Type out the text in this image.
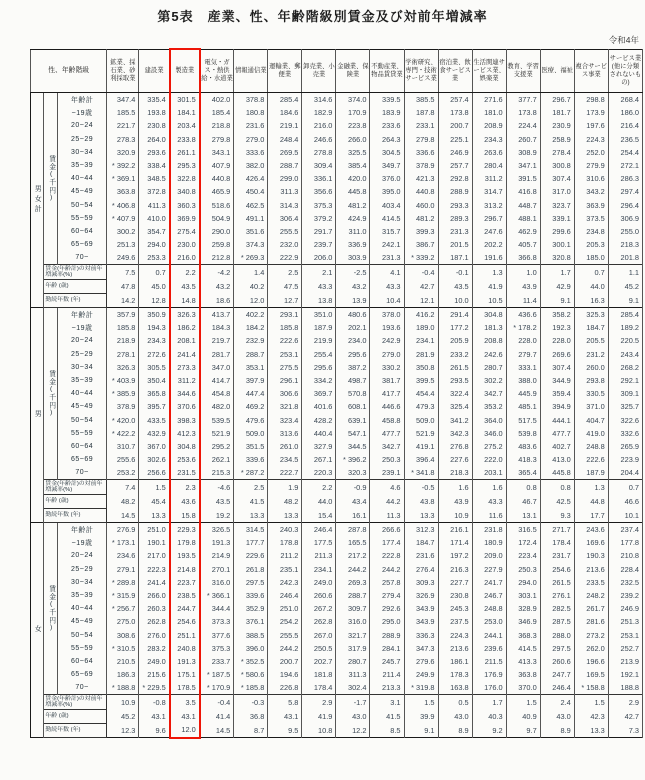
第5表　産業、性、年齢階級別賃金及び対前年増減率
令和4年
性、年齢階級			鉱業、採石業、砂利採取業	建設業	製造業	電気・ガス・熱供給・水道業	情報通信業	運輸業、郵便業	卸売業、小売業	金融業、保険業	不動産業、物品賃貸業	学術研究、専門・技術サービス業	宿泊業、飲食サービス業	生活関連サービス業、娯楽業	教育、学習支援業	医療、福祉	複合サービス事業	サービス業(他に分類されないもの)
男女計	賃金(千円)	年齢計	347.4	335.4	301.5	402.0	378.8	285.4	314.6	374.0	339.5	385.5	257.4	271.6	377.7	296.7	298.8	268.4
		~19歳	185.5	193.8	184.1	185.4	180.8	184.6	182.9	170.9	183.9	187.8	173.8	181.0	173.8	181.7	173.9	186.0
		20~24	221.7	230.8	203.4	218.8	231.6	219.1	216.0	223.8	233.6	233.1	200.7	208.9	224.4	230.9	197.6	216.4
		25~29	278.3	264.0	233.8	279.8	279.0	248.4	246.6	266.0	264.3	279.8	225.1	234.3	260.7	258.9	224.3	236.5
		30~34	320.9	293.6	261.1	343.1	333.6	269.5	278.8	325.5	304.5	336.6	246.9	263.6	308.9	278.4	252.0	254.4
		35~39	* 392.2	338.4	295.3	407.9	382.0	288.7	309.4	385.4	349.7	378.9	257.7	280.4	347.1	300.8	279.9	272.1
		40~44	* 369.1	348.5	322.8	440.8	426.4	299.0	336.1	420.0	376.0	421.3	292.8	311.2	391.5	307.4	310.6	286.3
		45~49	363.8	372.8	340.8	465.9	450.4	311.3	356.6	445.8	395.0	440.8	288.9	314.7	416.8	317.0	343.2	297.4
		50~54	* 406.8	411.3	360.3	518.6	462.5	314.3	375.3	481.2	403.4	460.0	293.3	313.2	448.7	323.7	363.9	296.4
		55~59	* 407.9	410.0	369.9	504.9	491.1	306.4	379.2	424.9	414.5	481.2	289.3	296.7	488.1	339.1	373.5	306.9
		60~64	300.2	354.7	275.4	290.0	351.6	255.5	291.7	311.0	315.7	399.3	231.3	247.6	462.9	299.6	234.8	255.0
		65~69	251.3	294.0	230.0	259.8	374.3	232.0	239.7	336.9	242.1	386.7	201.5	202.2	405.7	300.1	205.3	218.3
		70~	249.6	253.3	216.0	212.8	* 269.3	222.9	206.0	303.9	231.3	* 339.2	187.1	191.6	366.8	320.8	185.0	201.8
	賃金(年齢計)の対前年増減率(%)		7.5	0.7	2.2	-4.2	1.4	2.5	2.1	-2.5	4.1	-0.4	-0.1	1.3	1.0	1.7	0.7	1.1
	年齢 (歳)		47.8	45.0	43.5	43.2	40.2	47.5	43.3	43.2	43.3	42.7	43.5	41.9	43.9	42.9	44.0	45.2
	勤続年数 (年)		14.2	12.8	14.8	18.6	12.0	12.7	13.8	13.9	10.4	12.1	10.0	10.5	11.4	9.1	16.3	9.1
男	賃金(千円)	年齢計	357.9	350.9	326.3	413.7	402.2	293.1	351.0	480.6	378.0	416.2	291.4	304.8	436.6	358.2	325.3	285.4
		~19歳	185.8	194.3	186.2	184.3	184.2	185.8	187.9	202.1	193.6	189.0	177.2	181.3	* 178.2	192.3	184.7	189.2
		20~24	218.9	234.3	208.1	219.7	232.9	222.6	219.9	234.0	242.9	234.1	205.9	208.8	228.0	228.0	205.5	220.5
		25~29	278.1	272.6	241.4	281.7	288.7	253.1	255.4	295.6	279.0	281.9	233.2	242.6	279.7	269.6	231.2	243.4
		30~34	326.3	305.5	273.3	347.0	353.1	275.5	295.6	387.2	330.2	350.8	261.5	280.7	333.1	307.4	260.0	268.2
		35~39	* 403.9	350.4	311.2	414.7	397.9	296.1	334.2	498.7	381.7	399.5	293.5	302.2	388.0	344.9	293.8	292.1
		40~44	* 385.9	365.8	344.6	454.8	447.4	306.6	369.7	570.8	417.7	454.4	322.4	342.7	445.9	359.4	330.5	309.1
		45~49	378.9	395.7	370.6	482.0	469.2	321.8	401.6	608.1	446.6	479.3	325.4	353.2	485.1	394.9	371.0	325.7
		50~54	* 420.0	433.5	398.3	539.5	479.6	323.4	428.2	639.1	458.8	509.0	341.2	364.0	517.5	444.1	404.7	322.6
		55~59	* 422.2	432.9	412.3	521.9	509.0	313.6	440.4	547.1	477.7	521.9	342.3	346.0	539.8	477.7	419.0	332.6
		60~64	310.7	367.0	304.8	295.2	351.5	261.0	327.9	344.5	342.7	419.1	276.8	275.2	483.6	402.7	248.8	265.9
		65~69	255.6	302.6	253.6	262.1	339.6	234.5	267.1	* 396.2	250.3	396.4	227.6	222.0	418.3	413.0	222.6	223.9
		70~	253.2	256.6	231.5	215.3	* 287.2	222.7	220.3	320.3	239.1	* 341.8	218.3	203.1	365.4	445.8	187.9	204.4
	賃金(年齢計)の対前年増減率(%)		7.4	1.5	2.3	-4.6	2.5	1.9	2.2	-0.9	4.6	-0.5	1.6	1.6	0.8	0.8	1.3	0.7
	年齢 (歳)		48.2	45.4	43.6	43.5	41.5	48.2	44.0	43.4	44.2	43.8	43.9	43.3	46.7	42.5	44.8	46.6
	勤続年数 (年)		14.5	13.3	15.8	19.2	13.3	13.3	15.4	16.1	11.3	13.3	10.9	11.6	13.1	9.3	17.7	10.1
女	賃金(千円)	年齢計	276.9	251.0	229.3	326.5	314.5	240.3	246.4	287.8	266.6	312.3	216.1	231.8	316.5	271.7	243.6	237.4
		~19歳	* 173.1	190.1	179.8	191.3	177.7	178.8	177.5	165.5	177.4	184.7	171.4	180.9	172.4	178.4	169.6	177.8
		20~24	234.6	217.0	193.5	214.9	229.6	211.2	211.3	217.2	222.8	231.6	197.2	209.0	223.4	231.7	190.3	210.8
		25~29	279.1	222.3	214.8	270.1	261.8	235.1	234.1	244.2	244.2	276.4	216.3	227.9	250.3	254.6	213.6	228.4
		30~34	* 289.8	241.4	223.7	316.0	297.5	242.3	249.0	269.3	257.8	309.3	227.7	241.7	294.0	261.5	233.5	232.5
		35~39	* 315.9	266.0	238.5	* 366.1	339.6	246.4	260.6	288.7	279.4	326.9	230.8	246.7	303.1	276.1	248.2	239.2
		40~44	* 256.7	260.3	244.7	344.4	352.9	251.0	267.2	309.7	292.6	343.9	245.3	248.8	328.9	282.5	261.7	246.9
		45~49	275.0	262.8	254.6	373.3	376.1	254.2	262.8	316.0	295.0	343.9	237.5	253.0	346.9	287.5	281.6	251.3
		50~54	308.6	276.0	251.1	377.6	388.5	255.5	267.0	321.7	288.9	336.3	224.3	244.1	368.3	288.0	273.2	253.1
		55~59	* 310.5	283.2	240.8	375.3	396.0	244.2	250.5	317.9	284.1	347.3	213.6	239.6	414.5	297.5	262.0	252.7
		60~64	210.5	249.0	191.3	233.7	* 352.5	200.7	202.7	280.7	245.7	279.6	186.1	211.5	413.3	260.6	196.6	213.9
		65~69	186.3	215.6	175.1	* 187.5	* 580.6	194.6	181.8	311.3	211.4	249.9	178.3	176.9	363.8	247.7	169.5	192.1
		70~	* 188.8	* 229.5	178.5	* 170.9	* 185.8	226.8	178.4	302.4	213.3	* 319.8	163.8	176.0	370.0	246.4	* 158.8	188.8
	賃金(年齢計)の対前年増減率(%)		10.9	-0.8	3.5	-0.4	-0.3	5.8	2.9	-1.7	3.1	1.5	0.5	1.7	1.5	2.4	1.5	2.9
	年齢 (歳)		45.2	43.1	43.1	41.4	36.8	43.1	41.9	43.0	41.5	39.9	43.0	40.3	40.9	43.0	42.3	42.7
	勤続年数 (年)		12.3	9.6	12.0	14.5	8.7	9.5	10.8	12.2	8.5	9.1	8.9	9.2	9.7	8.9	13.3	7.3
